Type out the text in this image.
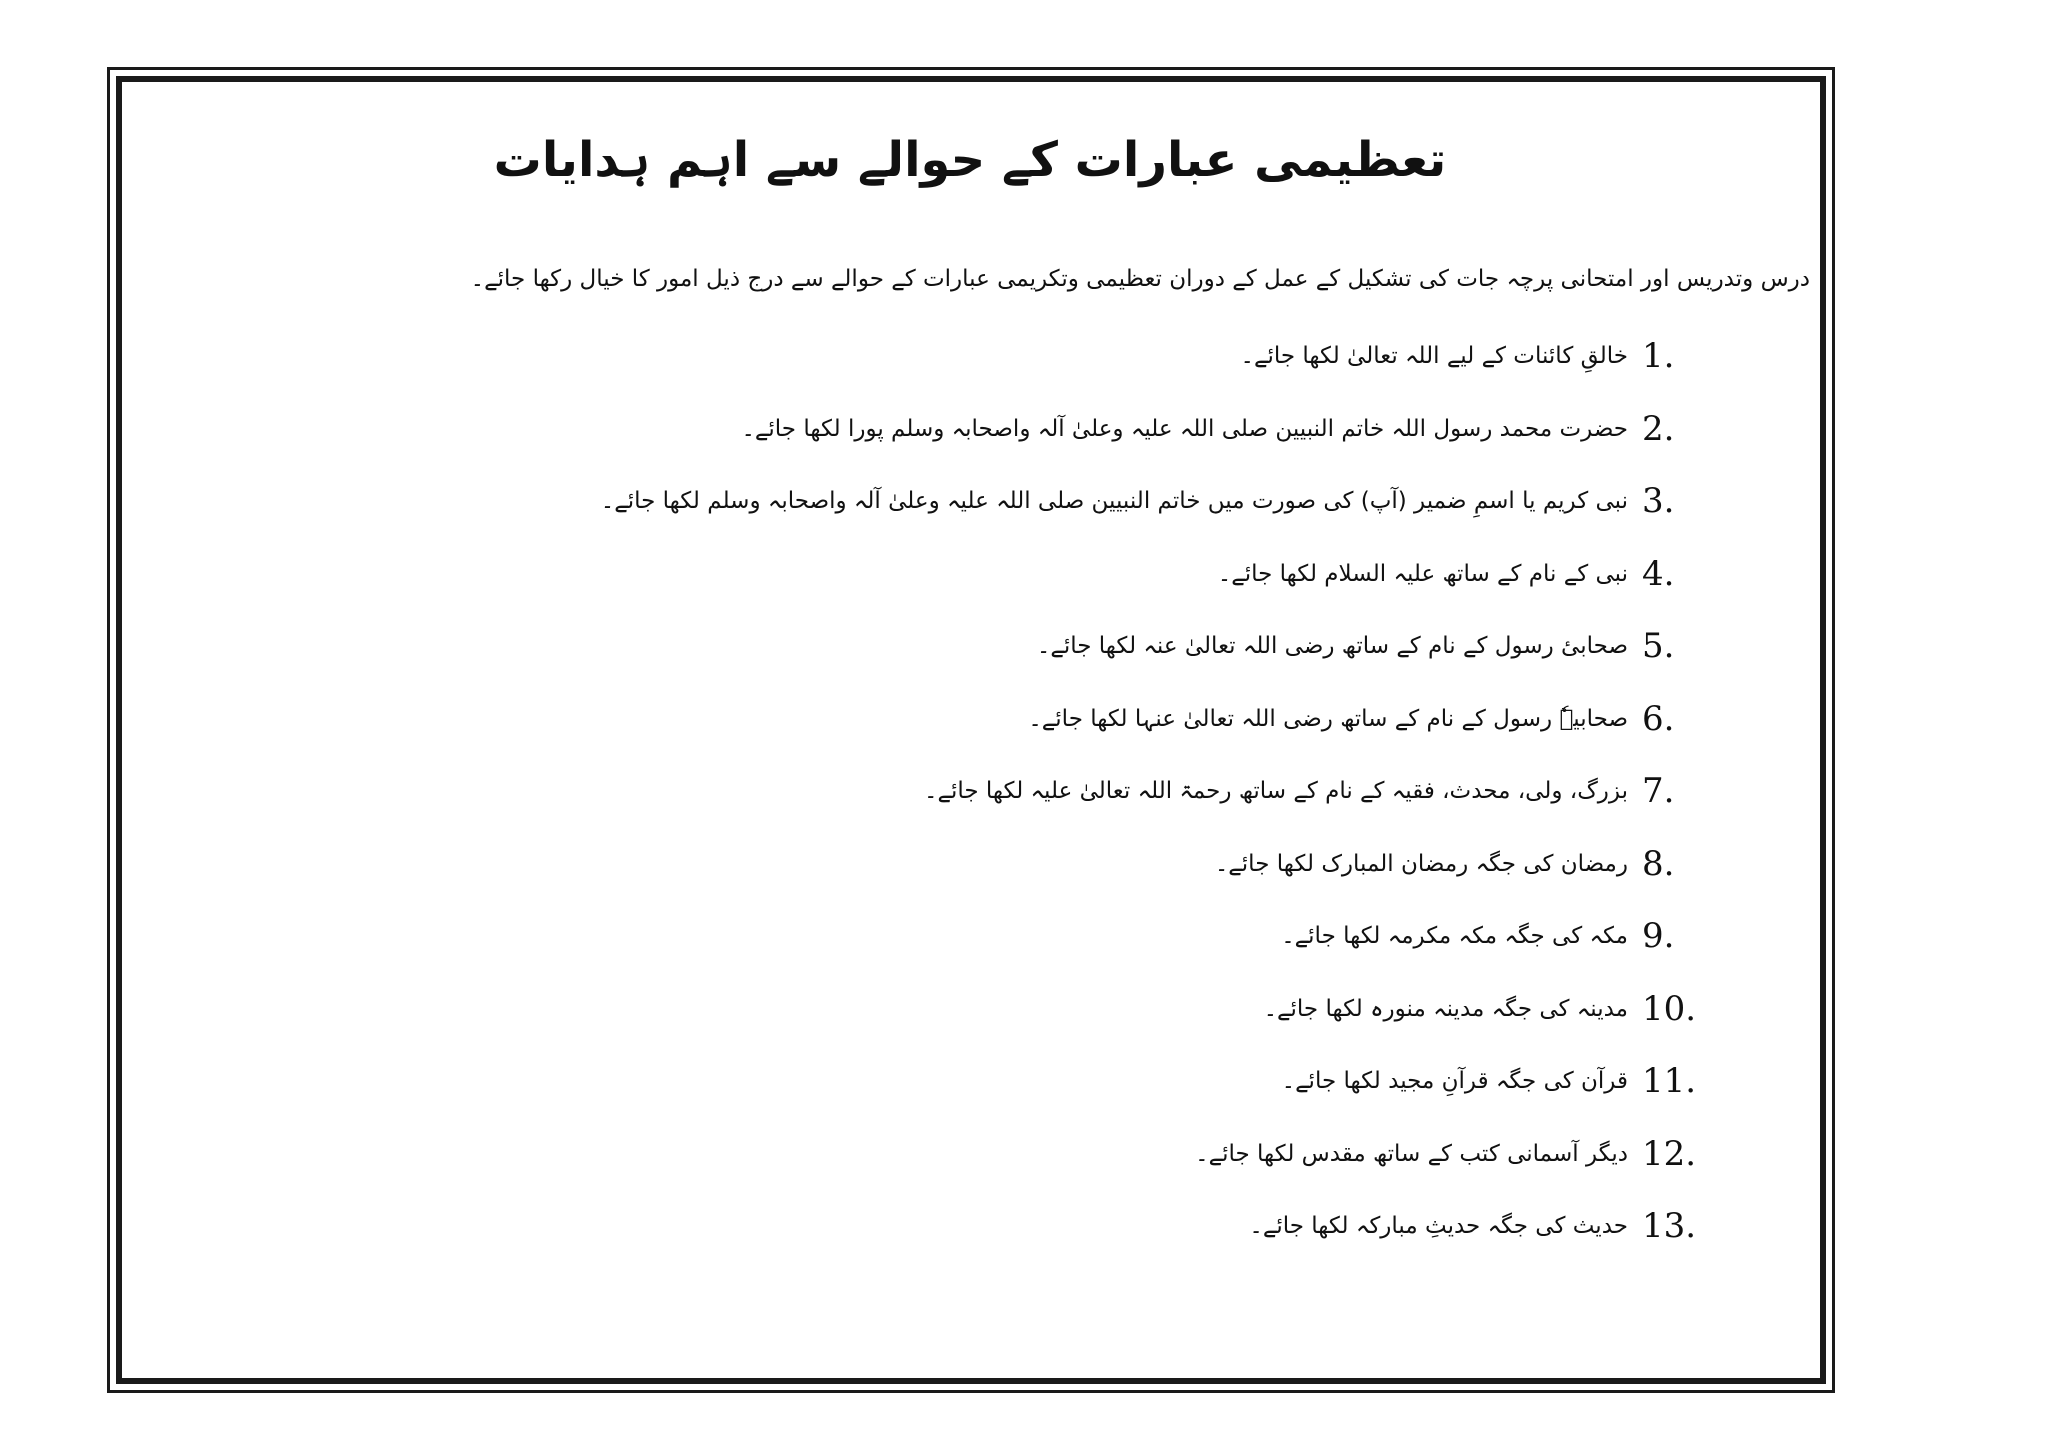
تعظیمی عبارات کے حوالے سے اہم ہدایات

درس وتدریس اور امتحانی پرچہ جات کی تشکیل کے عمل کے دوران تعظیمی وتکریمی عبارات کے حوالے سے درج ذیل امور کا خیال رکھا جائے۔

خالقِ کائنات کے لیے اللہ تعالیٰ لکھا جائے۔ 1.
حضرت محمد رسول اللہ خاتم النبیین صلی اللہ علیہ وعلیٰ آلہ واصحابہ وسلم پورا لکھا جائے۔ 2.
نبی کریم یا اسمِ ضمیر (آپ) کی صورت میں خاتم النبیین صلی اللہ علیہ وعلیٰ آلہ واصحابہ وسلم لکھا جائے۔ 3.
نبی کے نام کے ساتھ علیہ السلام لکھا جائے۔ 4.
صحابیٔ رسول کے نام کے ساتھ رضی اللہ تعالیٰ عنہ لکھا جائے۔ 5.
صحابیہٗ رسول کے نام کے ساتھ رضی اللہ تعالیٰ عنہا لکھا جائے۔ 6.
بزرگ، ولی، محدث، فقیہ کے نام کے ساتھ رحمۃ اللہ تعالیٰ علیہ لکھا جائے۔ 7.
رمضان کی جگہ رمضان المبارک لکھا جائے۔ 8.
مکہ کی جگہ مکہ مکرمہ لکھا جائے۔ 9.
مدینہ کی جگہ مدینہ منورہ لکھا جائے۔ 10.
قرآن کی جگہ قرآنِ مجید لکھا جائے۔ 11.
دیگر آسمانی کتب کے ساتھ مقدس لکھا جائے۔ 12.
حدیث کی جگہ حدیثِ مبارکہ لکھا جائے۔ 13.
